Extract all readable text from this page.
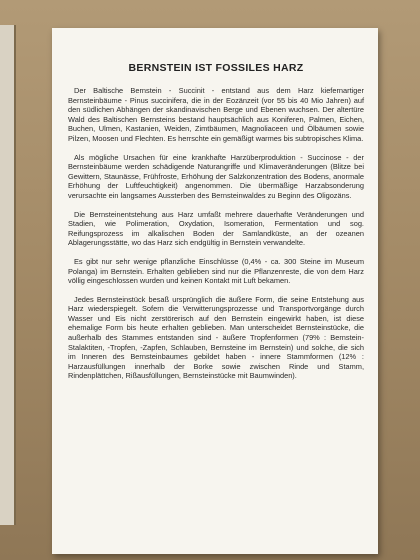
BERNSTEIN IST FOSSILES HARZ

Der Baltische Bernstein - Succinit - entstand aus dem Harz kiefernartiger Bernsteinbäume - Pinus succinifera, die in der Eozänzeit (vor 55 bis 40 Mio Jahren) auf den südlichen Abhängen der skandinavischen Berge und Ebenen wuchsen. Der altertüre Wald des Baltischen Bernsteins bestand hauptsächlich aus Koniferen, Palmen, Eichen, Buchen, Ulmen, Kastanien, Weiden, Zimtbäumen, Magnoliaceen und Ölbäumen sowie Pilzen, Moosen und Flechten. Es herrschte ein gemäßigt warmes bis subtropisches Klima.

Als mögliche Ursachen für eine krankhafte Harzüberproduktion - Succinose - der Bernsteinbäume werden schädigende Naturangriffe und Klimaveränderungen (Blitze bei Gewittern, Staunässe, Frühfroste, Erhöhung der Salzkonzentration des Bodens, anormale Erhöhung der Luftfeuchtigkeit) angenommen. Die übermäßige Harzabsonderung verursachte ein langsames Aussterben des Bernsteinwaldes zu Beginn des Oligozäns.

Die Bernsteinentstehung aus Harz umfaßt mehrere dauerhafte Veränderungen und Stadien, wie Polimeration, Oxydation, Isomeration, Fermentation und sog. Reifungsprozess im alkalischen Boden der Samlandküste, an der ozeanen Ablagerungsstätte, wo das Harz sich endgültig in Bernstein verwandelte.

Es gibt nur sehr wenige pflanzliche Einschlüsse (0,4% - ca. 300 Steine im Museum Polanga) im Bernstein. Erhalten geblieben sind nur die Pflanzenreste, die von dem Harz völlig eingeschlossen wurden und keinen Kontakt mit Luft bekamen.

Jedes Bernsteinstück besaß ursprünglich die äußere Form, die seine Entstehung aus Harz wiederspiegelt. Sofern die Verwitterungsprozesse und Transportvorgänge durch Wasser und Eis nicht zerstörerisch auf den Bernstein eingewirkt haben, ist diese ehemalige Form bis heute erhalten geblieben. Man unterscheidet Bernsteinstücke, die außerhalb des Stammes entstanden sind - äußere Tropfenformen (79% : Bernstein-Stalaktiten, -Tropfen, -Zapfen, Schlauben, Bernsteine im Bernstein) und solche, die sich im Inneren des Bernsteinbaumes gebildet haben - innere Stammformen (12% : Harzausfüllungen innerhalb der Borke sowie zwischen Rinde und Stamm, Rindenplättchen, Rißausfüllungen, Bernsteinstücke mit Baumwinden).
